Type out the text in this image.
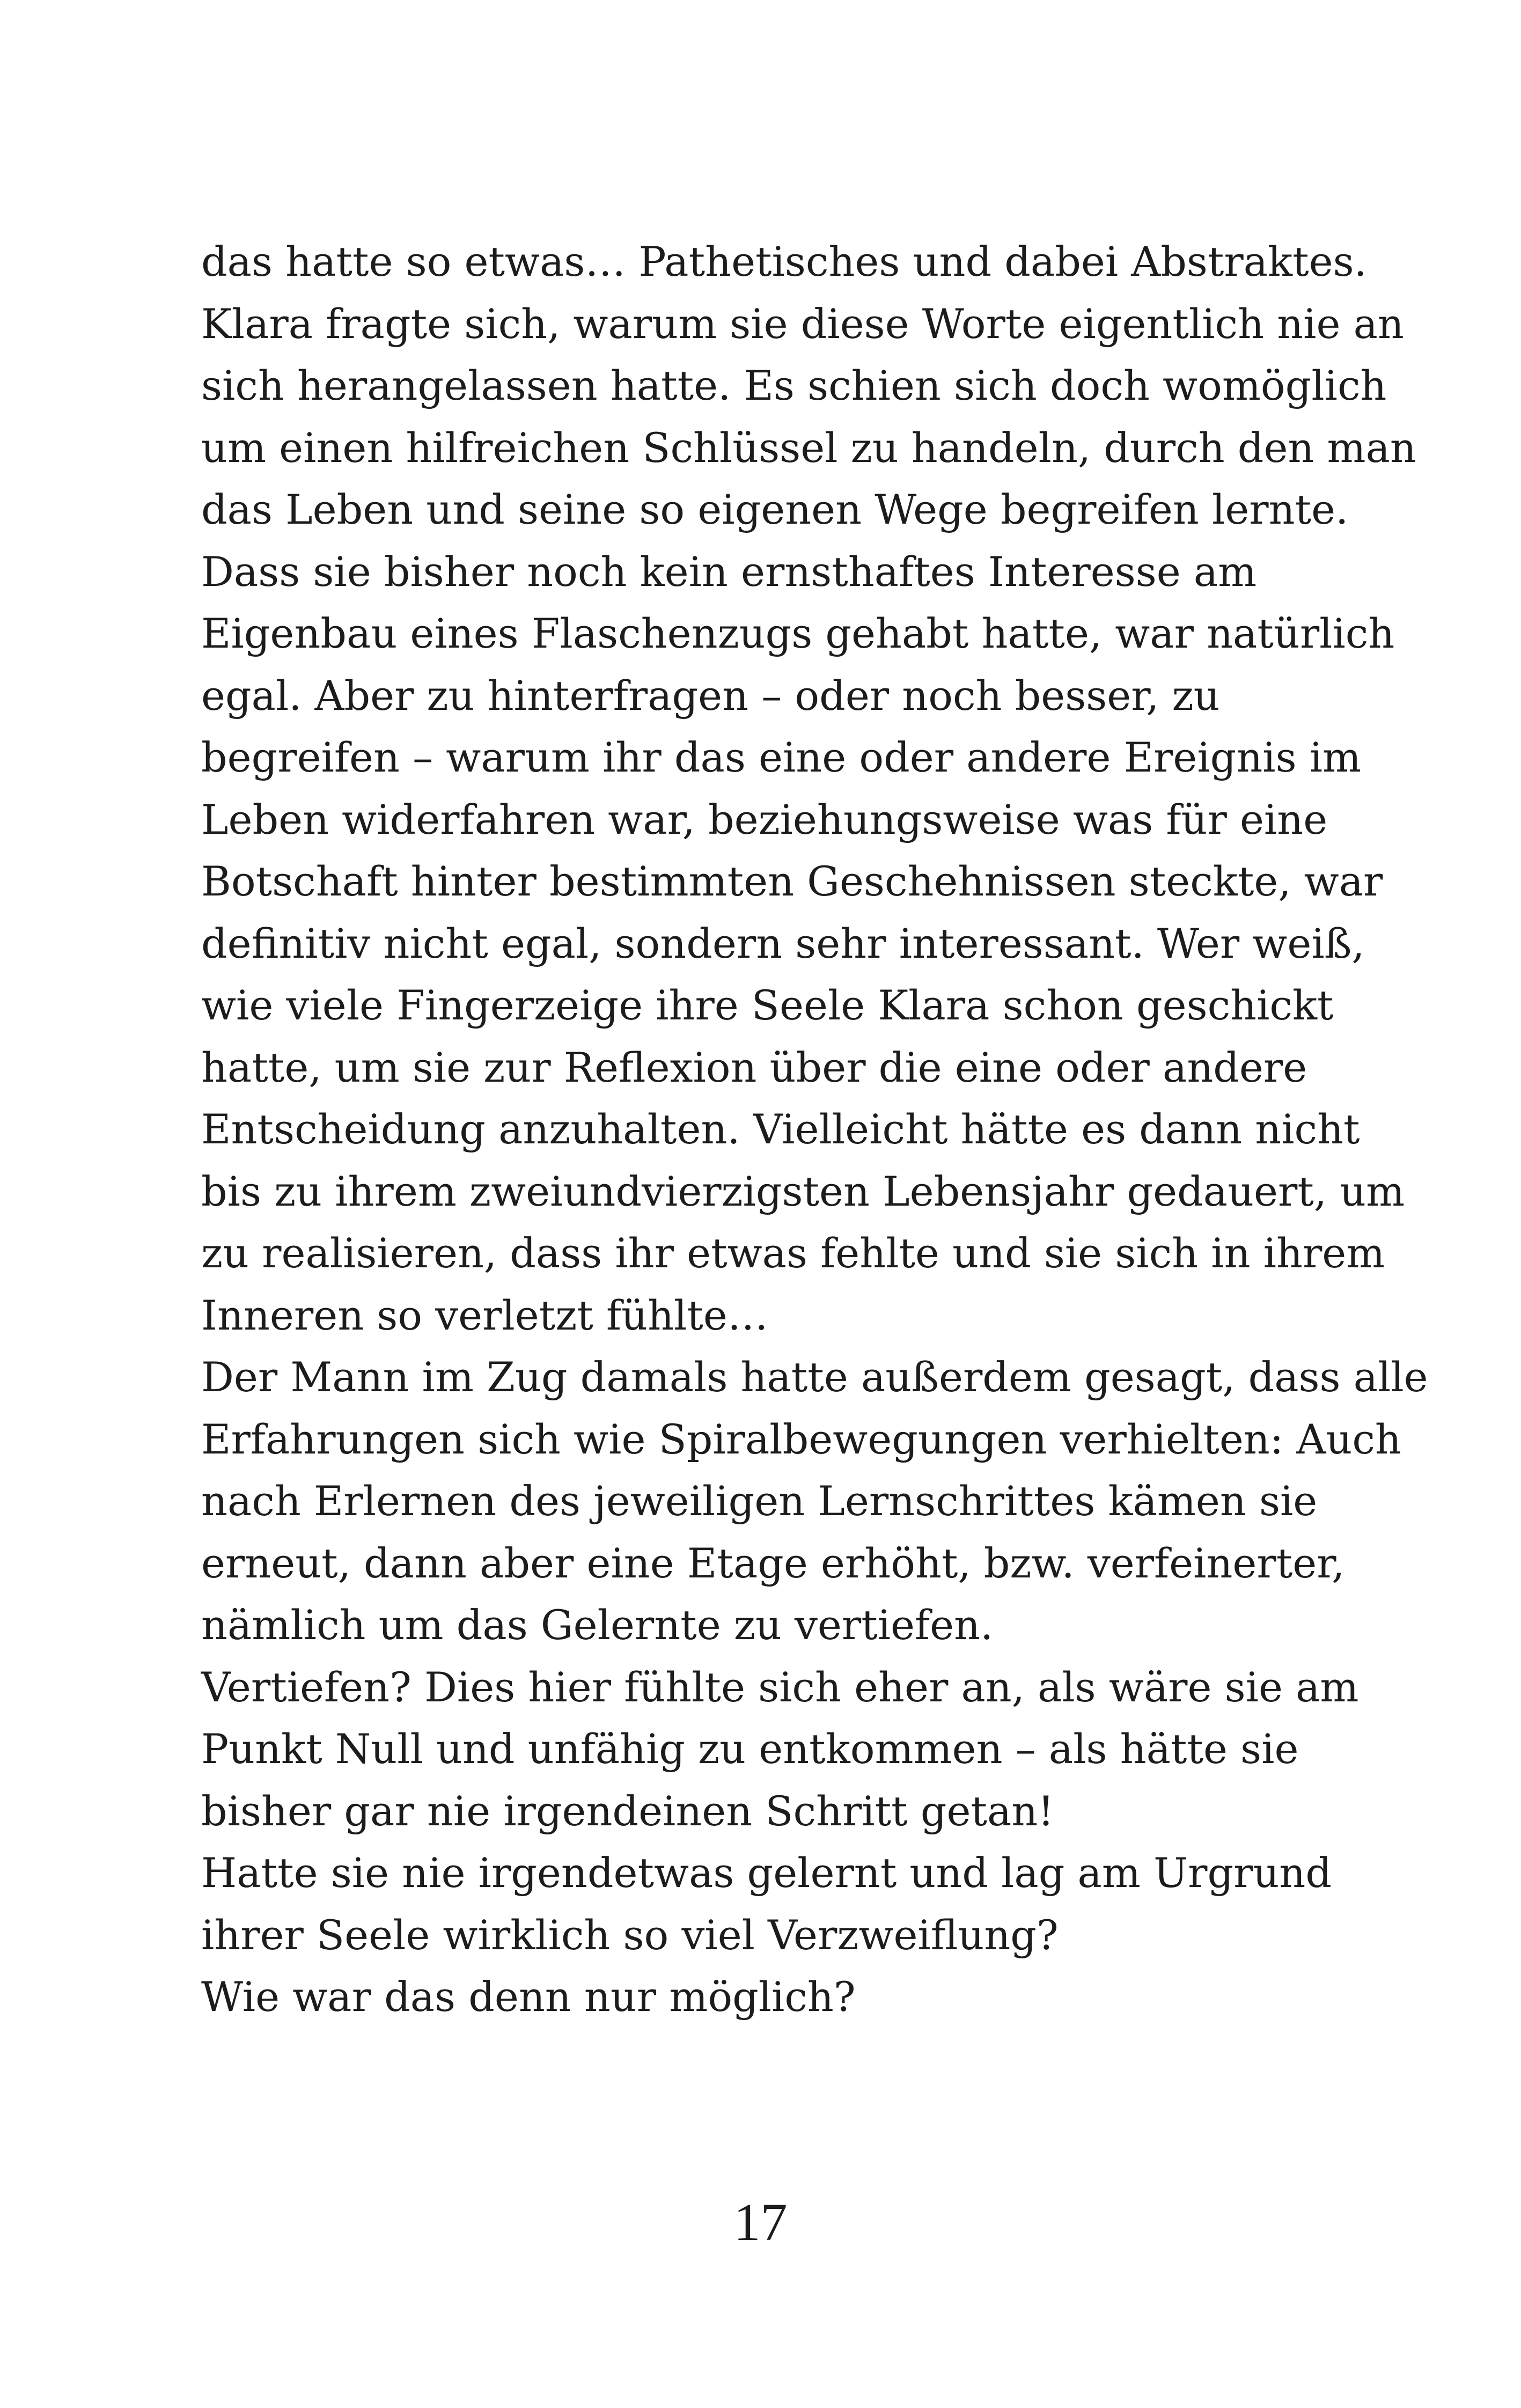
das hatte so etwas… Pathetisches und dabei Abstraktes.
Klara fragte sich, warum sie diese Worte eigentlich nie an
sich herangelassen hatte. Es schien sich doch womöglich
um einen hilfreichen Schlüssel zu handeln, durch den man
das Leben und seine so eigenen Wege begreifen lernte.
Dass sie bisher noch kein ernsthaftes Interesse am
Eigenbau eines Flaschenzugs gehabt hatte, war natürlich
egal. Aber zu hinterfragen – oder noch besser, zu
begreifen – warum ihr das eine oder andere Ereignis im
Leben widerfahren war, beziehungsweise was für eine
Botschaft hinter bestimmten Geschehnissen steckte, war
definitiv nicht egal, sondern sehr interessant. Wer weiß,
wie viele Fingerzeige ihre Seele Klara schon geschickt
hatte, um sie zur Reflexion über die eine oder andere
Entscheidung anzuhalten. Vielleicht hätte es dann nicht
bis zu ihrem zweiundvierzigsten Lebensjahr gedauert, um
zu realisieren, dass ihr etwas fehlte und sie sich in ihrem
Inneren so verletzt fühlte…
Der Mann im Zug damals hatte außerdem gesagt, dass alle
Erfahrungen sich wie Spiralbewegungen verhielten: Auch
nach Erlernen des jeweiligen Lernschrittes kämen sie
erneut, dann aber eine Etage erhöht, bzw. verfeinerter,
nämlich um das Gelernte zu vertiefen.
Vertiefen? Dies hier fühlte sich eher an, als wäre sie am
Punkt Null und unfähig zu entkommen – als hätte sie
bisher gar nie irgendeinen Schritt getan!
Hatte sie nie irgendetwas gelernt und lag am Urgrund
ihrer Seele wirklich so viel Verzweiflung?
Wie war das denn nur möglich?
17
